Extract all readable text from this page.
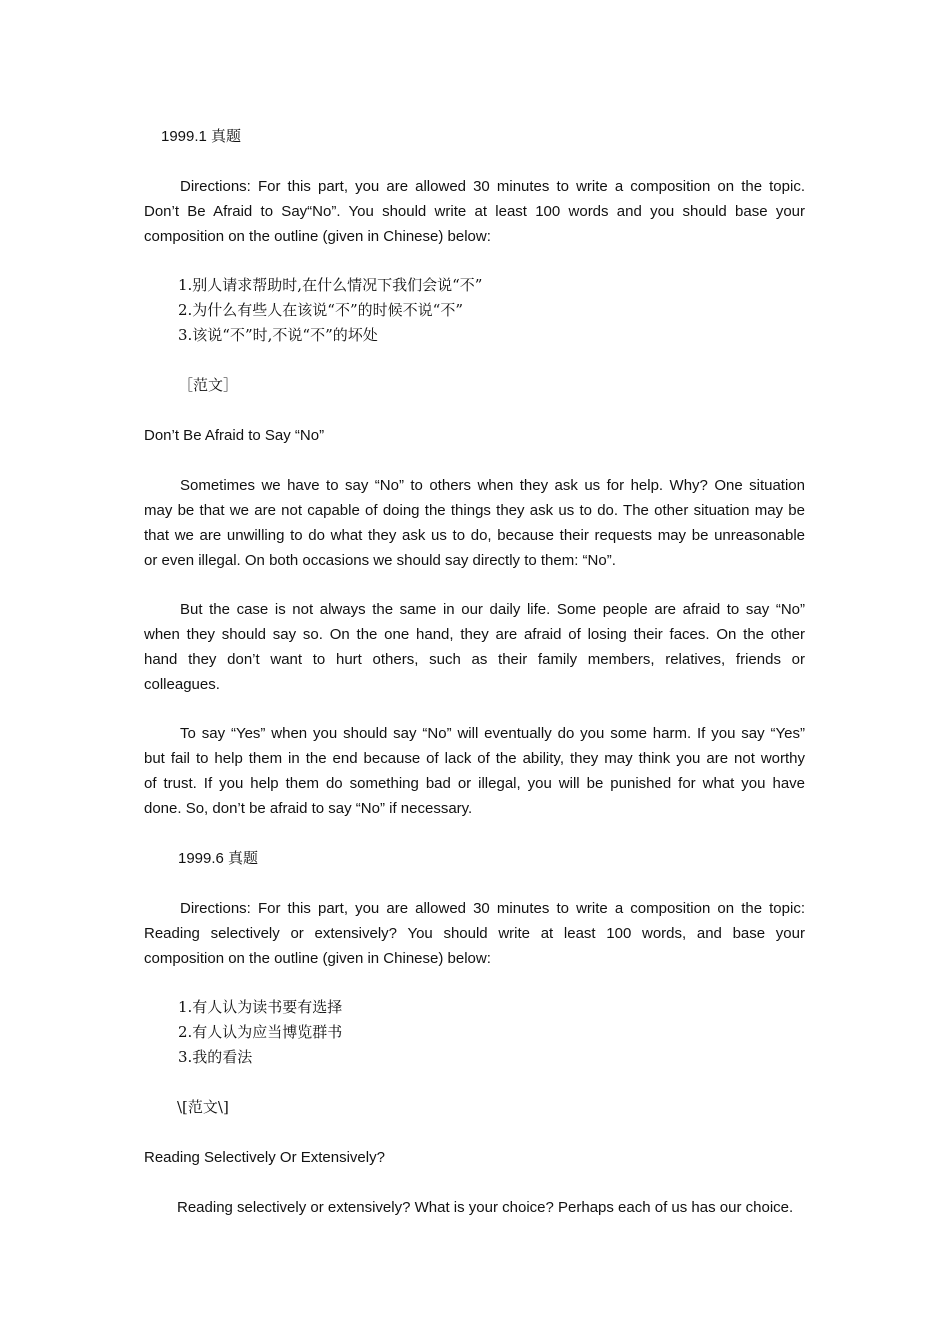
1999.1 真题
Directions: For this part, you are allowed 30 minutes to write a composition on the topic.
Don’t Be Afraid to Say“No”. You should write at least 100 words and you should base your
composition on the outline (given in Chinese) below:
1.别人请求帮助时,在什么情况下我们会说“不”
2.为什么有些人在该说“不”的时候不说“不”
3.该说“不”时,不说“不”的坏处
［范文］
Don’t Be Afraid to Say “No”
Sometimes we have to say “No” to others when they ask us for help. Why? One situation
may be that we are not capable of doing the things they ask us to do. The other situation may be
that we are unwilling to do what they ask us to do, because their requests may be unreasonable
or even illegal. On both occasions we should say directly to them: “No”.
But the case is not always the same in our daily life. Some people are afraid to say “No”
when they should say so. On the one hand, they are afraid of losing their faces. On the other
hand they don’t want to hurt others, such as their family members, relatives, friends or
colleagues.
To say “Yes” when you should say “No” will eventually do you some harm. If you say “Yes”
but fail to help them in the end because of lack of the ability, they may think you are not worthy
of trust. If you help them do something bad or illegal, you will be punished for what you have
done. So, don’t be afraid to say “No” if necessary.
1999.6 真题
Directions: For this part, you are allowed 30 minutes to write a composition on the topic:
Reading selectively or extensively? You should write at least 100 words, and base your
composition on the outline (given in Chinese) below:
1.有人认为读书要有选择
2.有人认为应当博览群书
3.我的看法
\[范文\]
Reading Selectively Or Extensively?
Reading selectively or extensively? What is your choice? Perhaps each of us has our choice.
